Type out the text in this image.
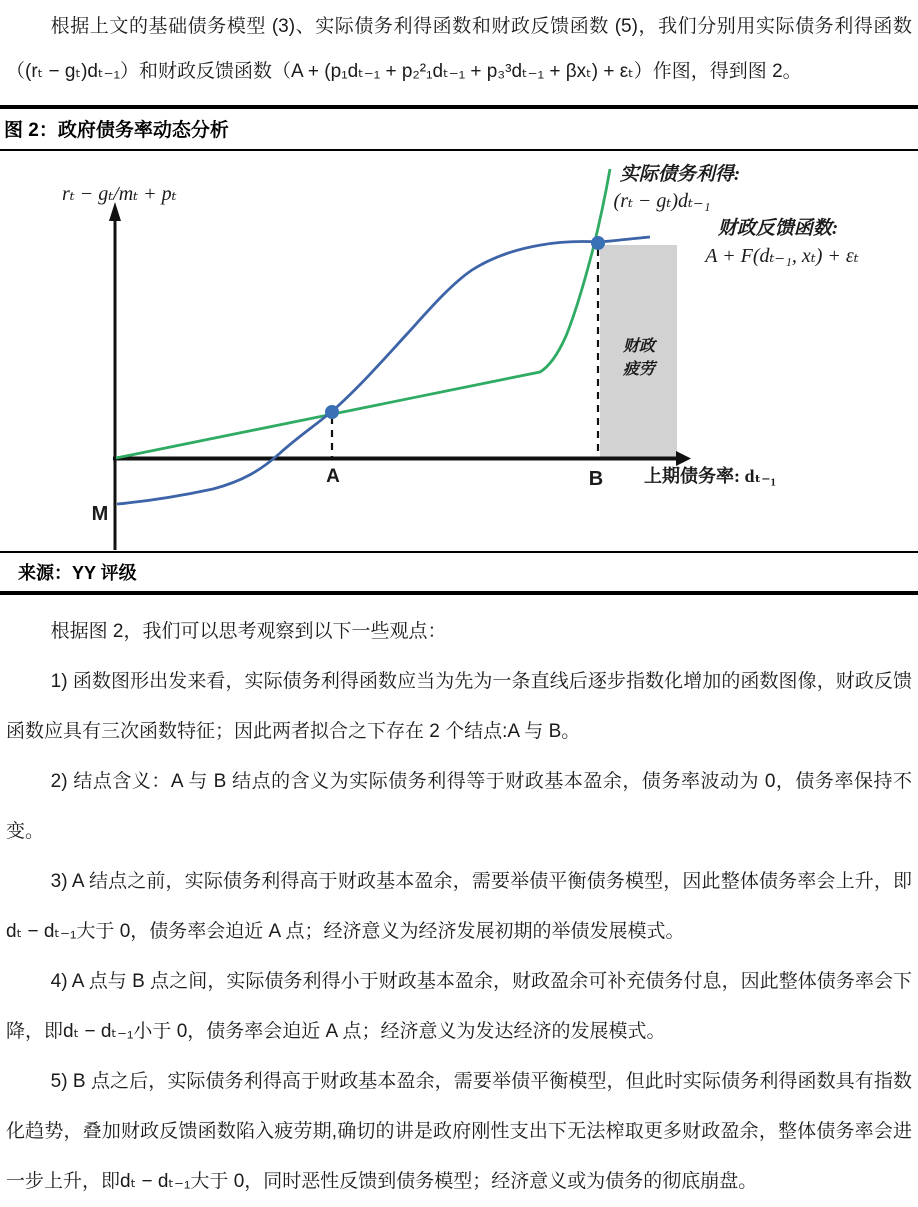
根据上文的基础债务模型 (3)、实际债务利得函数和财政反馈函数 (5)，我们分别用实际债务利得函数（(rₜ − gₜ)dₜ₋₁）和财政反馈函数（A + (p₁dₜ₋₁ + p₂²₁dₜ₋₁ + p₃³dₜ₋₁ + βxₜ) + εₜ）作图，得到图 2。

图 2：政府债务率动态分析
rₜ − gₜ/mₜ + pₜ
实际债务利得:
(rₜ − gₜ)dₜ₋₁
财政反馈函数:
A + F(dₜ₋₁, xₜ) + εₜ
财政
疲劳
A	B
M
上期债务率: dₜ₋₁
来源：YY 评级

根据图 2，我们可以思考观察到以下一些观点：

1) 函数图形出发来看，实际债务利得函数应当为先为一条直线后逐步指数化增加的函数图像，财政反馈函数应具有三次函数特征；因此两者拟合之下存在 2 个结点:A 与 B。

2) 结点含义：A 与 B 结点的含义为实际债务利得等于财政基本盈余，债务率波动为 0，债务率保持不变。

3) A 结点之前，实际债务利得高于财政基本盈余，需要举债平衡债务模型，因此整体债务率会上升，即dₜ − dₜ₋₁大于 0，债务率会迫近 A 点；经济意义为经济发展初期的举债发展模式。

4) A 点与 B 点之间，实际债务利得小于财政基本盈余，财政盈余可补充债务付息，因此整体债务率会下降，即dₜ − dₜ₋₁小于 0，债务率会迫近 A 点；经济意义为发达经济的发展模式。

5) B 点之后，实际债务利得高于财政基本盈余，需要举债平衡模型，但此时实际债务利得函数具有指数化趋势，叠加财政反馈函数陷入疲劳期,确切的讲是政府刚性支出下无法榨取更多财政盈余，整体债务率会进一步上升，即dₜ − dₜ₋₁大于 0，同时恶性反馈到债务模型；经济意义或为债务的彻底崩盘。
